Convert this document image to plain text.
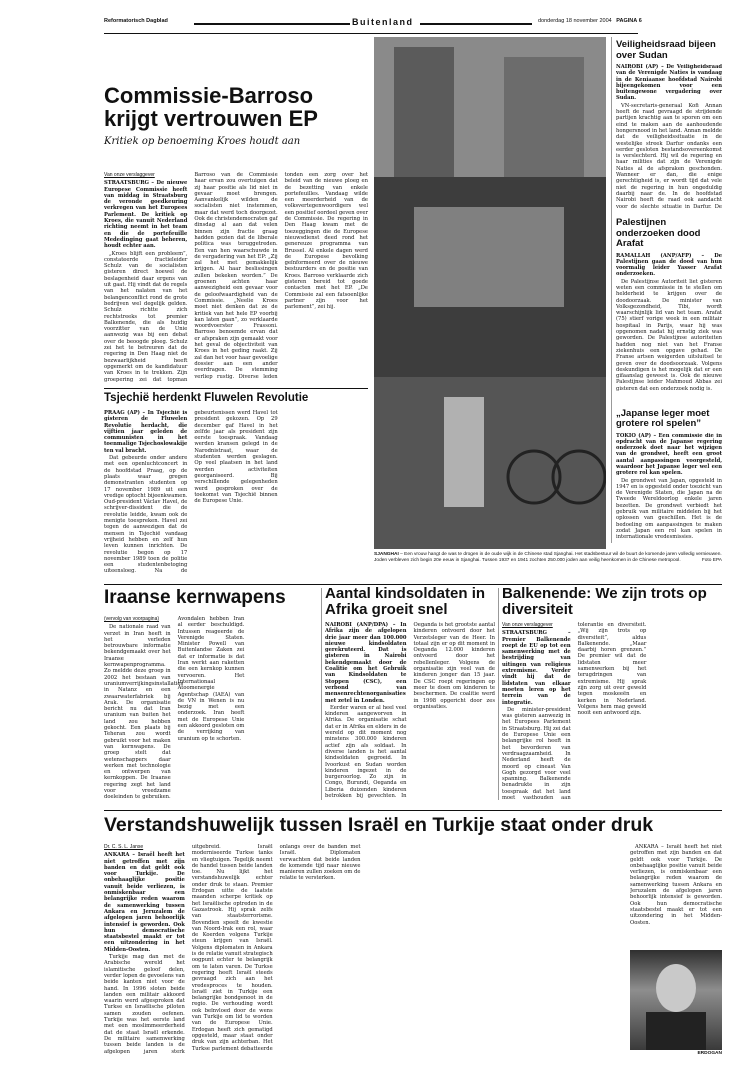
Reformatorisch Dagblad	Buitenland	donderdag 18 november 2004 PAGINA 6
Commissie-Barroso
krijgt vertrouwen EP
Kritiek op benoeming Kroes houdt aan
Van onze verslaggever

STRAATSBURG – De nieuwe Europese Commissie heeft van middag in Straatsburg de veronde goedkeuring verkregen van het Europees Parlement. De kritiek op Kroes, die vanuit Nederland richting neemt in het team en die de portefeuille Mededinging gaat beheren, houdt echter aan.

„Kroes blijft een probleem”, constateerde fractieleider Schulz van de socialisten gisteren direct hoewel de beslagenheid daar ergens van uit gaat. Hij vindt dat de regels van het nalaten van het belangenconflict rond de grote bedrijven wel degelijk gelden. Schulz richtte zich rechtstreeks tot premier Balkenende, die als huidig voorzitter van de Unie aanwezig was bij een debat over de beoogde ploeg. Schulz zei het te betreuren dat de regering in Den Haag niet de bezwaarlijkheid heeft opgemerkt om de kandidatuur van Kroes in te trekken. Zijn groepering zei dat topman Barroso van de Commissie haar ervan zou overtuigen dat zij haar positie als lid niet in gevaar moet brengen. Aanvankelijk wilden de socialisten niet instemmen, maar dat werd toch doorgezet. Ook de christendemocraten gaf dinsdag al aan dat velen binnen zijn fractie graag hadden gezien dat de liberale politica was teruggetreden. Een van hen waarschuwde in de vergadering van het EP: „Zij zal het met gemakkelijk krijgen. Al haar beslissingen zullen bekeken worden.” De groenen achten haar aanwezigheid een gevaar voor de geloofwaardigheid van de Commissie. „Neelie Kroes moet niet denken dat ze de kritiek van het hele EP voorbij kan laten gaan”, zo verklaarde woordvoerster Frassoni. Barroso benoemde ervan dat er afspraken zijn gemaakt voor het geval de objectiviteit van Kroes in het geding raakt. Zij zal dan het voor haar gevoelige dossier aan een ander overdragen. De stemming verliep rustig. Diverse leden tonden een zorg over het beleid van de nieuwe ploeg en de bezetting van enkele portefeuilles. Vandaag wilde een meerderheid van de volksvertegenwoordigers wel een positief oordeel geven over de Commissie. De regering in Den Haag kwam met de toezeggingen die de Europese nieuwsdienst deed rond het genereuze programma van Brussel. Al enkele dagen werd de Europese bevolking geïnformeerd over de nieuwe bestuurders en de positie van Kroes. Barroso verklaarde zich gisteren bereid tot goede contacten met het EP. „De Commissie zal een fatsoenlijke partner zijn voor het parlement”, zei hij.

Veiligheidsraad bijeen over Sudan

NAIROBI (AP) – De Veiligheidsraad van de Verenigde Naties is vandaag in de Keniaanse hoofdstad Nairobi bijeengekomen voor een buitengewone vergadering over Sudan.

VN-secretaris-generaal Kofi Annan heeft de raad gevraagd de strijdende partijen krachtig aan te sporen om een eind te maken aan de aanhoudende hongersnood in het land. Annan meldde dat de veiligheidssituatie in de westelijke streek Darfur ondanks een eerder gesloten bestandsovereenkomst is verslechterd. Hij wil de regering en haar milities dat zijn de Verenigde Naties al de afspraken geschonden. Wanneer er dan, die enige gerechtigheid is, er wordt tijd dat vele niet de regering in hun ongeduldig daarbij naar de. In de hoofdstad Nairobi heeft de raad ook aandacht voor de slechte situatie in Darfur. De

Palestijnen onderzoeken dood Arafat

RAMALLAH (ANP/AFP) – De Palestijnen gaan de dood van hun voormalig leider Yasser Arafat onderzoeken.

De Palestijnse Autoriteit liet gisteren weten een commissie in te stellen om helderheid te krijgen over de doodoorzaak. De minister van Volksgezondheid, Tibi, wordt waarschijnlijk lid van het team. Arafat (75) stierf vorige week in een militair hospitaal in Parijs, waar hij was opgenomen nadat hij ernstig ziek was geworden. De Palestijnse autoriteiten hadden nog niet van het Franse ziekenhuis een opgave gehad. De Franse artsen weigerden uitsluitsel te geven over de doodsoorzaak. Volgens deskundigen is het mogelijk dat er een gifaanslag geweest is. Ook de nieuwe Palestijnse leider Mahmoud Abbas zei gisteren dat een onderzoek nodig is.

„Japanse leger moet grotere rol spelen”

TOKIO (AP) – Een commissie die in opdracht van de Japanse regering onderzoek doet naar het wijzigen van de grondwet, heeft een groot aantal aanpassingen voorgesteld, waardoor het Japanse leger wel een grotere rol kan spelen.

De grondwet van Japan, opgesteld in 1947 en is opgesteld onder toezicht van de Verenigde Staten, die Japan na de Tweede Wereldoorlog enkele jaren bezetten. De grondwet verbiedt het gebruik van militaire middelen bij het oplossen van geschillen. Het is de bedoeling om aanpassingen te maken zodat Japan een rol kan spelen in internationale vredesmissies.

SJANGHAI – Een vrouw hangt de was te drogen in de oude wijk in de Chinese stad Sjanghai. Het stadsbestuur wil de buurt de komende jaren volledig vernieuwen. Joden verbleven zich begin 20e eeuw in Sjanghai. Tussen 1937 en 1941 zochten 250.000 joden aan veilig heenkomen in de Chinese metropool.	Foto EPA
Tsjechië herdenkt Fluwelen Revolutie

PRAAG (AP) – In Tsjechië is gisteren de Fluwelen Revolutie herdacht, die vijftien jaar geleden de communisten in het toenmalige Tsjechoslowakije ten val bracht.

Dat gebeurde onder andere met een openluchtconcert in de hoofdstad Praag, op de plaats waar gregen demonstranten studenten op 17 november 1989 uit een vredige optocht bijeenkwamen. Oud-president Václav Havel, de schrijver-dissident die de revolutie leidde, kwam ook de menigte toespreken. Havel zei tegen de aanwezigen dat de mensen in Tsjechië vandaag vrijheid hebben en zelf hun leven kunnen inrichten. De revolutie begon op 17 november 1989 toen de politie een studentenbetoging uiteensloeg. Na de gebeurtenissen werd Havel tot president gekozen. Op 29 december gaf Havel in het zelfde jaar als president zijn eerste toespraak. Vandaag werden kransen gelegd in de Narodnistraat, waar de studenten werden geslagen. Op veel plaatsen in het land werden activiteiten georganiseerd. Bij verschillende gelegenheden werd gesproken over de toekomst van Tsjechië binnen de Europese Unie.

Iraanse kernwapens
(vervolg van voorpagina)

De nationale raad van verzet in Iran heeft in het verleden betrouwbare informatie bekendgemaakt over het Iraanse kernwapenprogramma. Zo meldde deze groep in 2002 het bestaan van uraniumverrijkingsinstallaties in Natanz en een zwaarwaterfabriek bij Arak. De organisatie bericht nu dat Iran uranium van buiten het land zou hebben gekocht. Een plaats bij Teheran zou wordt gebruikt voor het maken van kernwapens. De groep stelt dat wetenschappers daar werken met technologie en ontwerpen van kernkoppen. De Iraanse regering zegt het land voor vreedzame doeleinden te gebruiken. Avondalen hebben Iran al eerder beschuldigd. Intussen reageerde de Verenigde Staten. Minister Powell van Buitenlandse Zaken zei dat er informatie is dat Iran werkt aan raketten die een kernkop kunnen vervoeren. Het Internationaal Atoomenergie Agentschap (IAEA) van de VN in Wenen is nu bezig met een onderzoek. Iran heeft met de Europese Unie een akkoord gesloten om de verrijking van uranium op te schorten.

Aantal kindsoldaten in Afrika groeit snel

NAIROBI (ANP/DPA) – In Afrika zijn de afgelopen drie jaar meer dan 100.000 nieuwe kindsoldaten gerekruteerd. Dat is gisteren in Nairobi bekendgemaakt door de Coalitie om het Gebruik van Kindsoldaten te Stoppen (CSC), een verbond van mensenrechtenorganisaties met zetel in Londen.

Eerder waren er al heel veel kinderen aangeworven in Afrika. De organisatie schat dat er in Afrika en elders in de wereld op dit moment nog minstens 300.000 kinderen actief zijn als soldaat. In diverse landen is het aantal kindsoldaten gegroeid. In Ivoorkust en Sudan worden kinderen ingezet in de burgeroorlog. Zo zijn in Congo, Burundi, Oeganda en Liberia duizenden kinderen betrokken bij gevechten. In Oeganda is het grootste aantal kinderen ontvoerd door het Verzetsleger van de Heer. In totaal zijn er op dit moment in Oeganda 12.000 kinderen ontvoerd door het rebellenleger. Volgens de organisatie zijn veel van de kinderen jonger dan 15 jaar. De CSC roept regeringen op meer te doen om kinderen te beschermen. De coalitie werd in 1998 opgericht door zes organisaties.

Balkenende: We zijn trots op diversiteit
Van onze verslaggever

STRAATSBURG – Premier Balkenende roept de EU op tot een samenwerking met de bestrijding van uitingen van religieus extremisme. Verder vindt hij dat de lidstaten van elkaar moeten leren op het terrein van de integratie.

De minister-president was gisteren aanwezig in het Europees Parlement in Straatsburg. Hij zei dat de Europese Unie een belangrijke rol heeft in het bevorderen van verdraagzaamheid. In Nederland heeft de moord op cineast Van Gogh gezorgd voor veel spanning. Balkenende benadrukte in zijn toespraak dat het land moet vasthouden aan tolerantie en diversiteit. „Wij zijn trots op diversiteit”, aldus Balkenende. „Maar daarbij horen grenzen.” De premier wil dat de lidstaten meer samenwerken bij het terugdringen van extremisme. Hij sprak zijn zorg uit over geweld tegen moskeeën en kerken in Nederland. Volgens hem mag geweld nooit een antwoord zijn.

Verstandshuwelijk tussen Israël en Turkije staat onder druk
Dr. C. S. L. Janse

ANKARA – Israël heeft het niet getroffen met zijn banden en dat geldt ook voor Turkije. De onbehaaglijke positie vanuit beide verliezen, is onmiskenbaar een belangrijke reden waarom de samenwerking tussen Ankara en Jeruzalem de afgelopen jaren behoorlijk intensief is geworden. Ook hun democratische staatsbestel maakt er tot een uitzondering in het Midden-Oosten.

Turkije mag dan met de Arabische wereld het islamitische geloof delen, verder lopen de gevoelens van beide kanten niet voor de hand. In 1996 sloten beide landen een militair akkoord waarin werd afgesproken dat Turkse en Israëlische piloten samen zouden oefenen. Turkije was het eerste land met een moslimmeerderheid dat de staat Israël erkende. De militaire samenwerking tussen beide landen is de afgelopen jaren sterk uitgebreid. Israël moderniseerde Turkse tanks en vliegtuigen. Tegelijk neemt de handel tussen beide landen toe. Nu lijkt het verstandshuwelijk echter onder druk te staan. Premier Erdogan uitte de laatste maanden scherpe kritiek op het Israëlische optreden in de Gazastrook. Hij sprak zelfs van staatsterrorisme. Bovendien speelt de kwestie van Noord-Irak een rol, waar de Koerden volgens Turkije steun krijgen van Israël. Volgens diplomaten in Ankara is de relatie vanuit strategisch oogpunt echter te belangrijk om te laten varen. De Turkse regering heeft Israël steeds gevraagd zich aan het vredesproces te houden. Israël ziet in Turkije een belangrijke bondgenoot in de regio. De verhouding wordt ook beïnvloed door de wens van Turkije om lid te worden van de Europese Unie. Erdogan heeft zich gematigd opgesteld, maar staat onder druk van zijn achterban. Het Turkse parlement debatteerde onlangs over de banden met Israël. Diplomaten verwachten dat beide landen de komende tijd naar nieuwe manieren zullen zoeken om de relatie te versterken.

ANKARA – Israël heeft het niet getroffen met zijn banden en dat geldt ook voor Turkije. De onbehaaglijke positie vanuit beide verliezen, is onmiskenbaar een belangrijke reden waarom de samenwerking tussen Ankara en Jeruzalem de afgelopen jaren behoorlijk intensief is geworden. Ook hun democratische staatsbestel maakt er tot een uitzondering in het Midden-Oosten.

ERDOGAN
